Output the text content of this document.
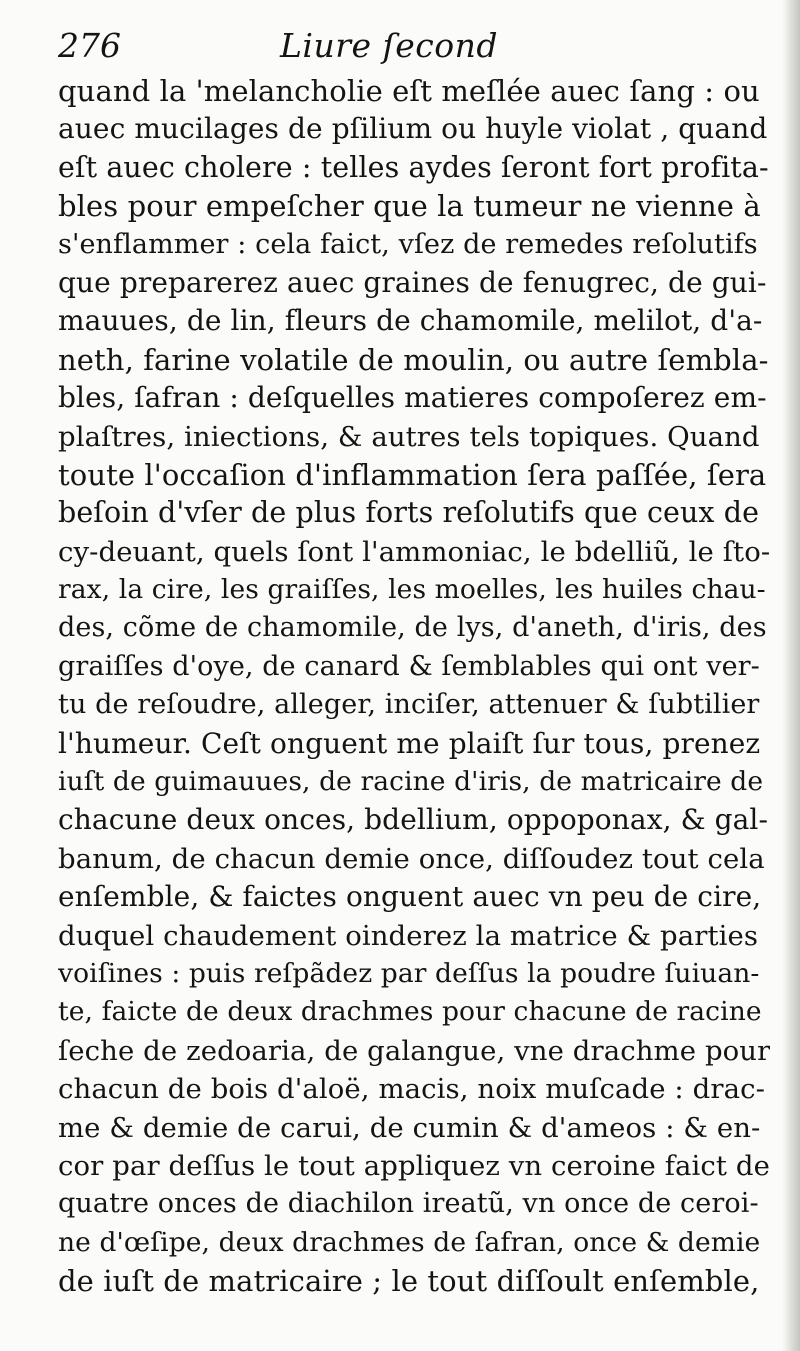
276	Liure ſecond
quand la 'melancholie eſt meſlée auec ſang : ou
auec mucilages de pſilium ou huyle violat , quand
eſt auec cholere : telles aydes ſeront fort profita-
bles pour empeſcher que la tumeur ne vienne à
s'enflammer : cela faict, vſez de remedes reſolutifs
que preparerez auec graines de fenugrec, de gui-
mauues, de lin, fleurs de chamomile, melilot, d'a-
neth, farine volatile de moulin, ou autre ſembla-
bles, ſafran : deſquelles matieres compoſerez em-
plaſtres, iniections, & autres tels topiques. Quand
toute l'occaſion d'inflammation ſera paſſée, ſera
beſoin d'vſer de plus forts reſolutifs que ceux de
cy-deuant, quels ſont l'ammoniac, le bdelliũ, le ſto-
rax, la cire, les graiſſes, les moelles, les huiles chau-
des, cõme de chamomile, de lys, d'aneth, d'iris, des
graiſſes d'oye, de canard & ſemblables qui ont ver-
tu de reſoudre, alleger, inciſer, attenuer & ſubtilier
l'humeur. Ceſt onguent me plaiſt ſur tous, prenez
iuſt de guimauues, de racine d'iris, de matricaire de
chacune deux onces, bdellium, oppoponax, & gal-
banum, de chacun demie once, diſſoudez tout cela
enſemble, & faictes onguent auec vn peu de cire,
duquel chaudement oinderez la matrice & parties
voiſines : puis reſpãdez par deſſus la poudre ſuiuan-
te, faicte de deux drachmes pour chacune de racine
ſeche de zedoaria, de galangue, vne drachme pour
chacun de bois d'aloë, macis, noix muſcade : drac-
me & demie de carui, de cumin & d'ameos : & en-
cor par deſſus le tout appliquez vn ceroine faict de
quatre onces de diachilon ireatũ, vn once de ceroi-
ne d'œſipe, deux drachmes de ſafran, once & demie
de iuſt de matricaire ; le tout diſſoult enſemble,
